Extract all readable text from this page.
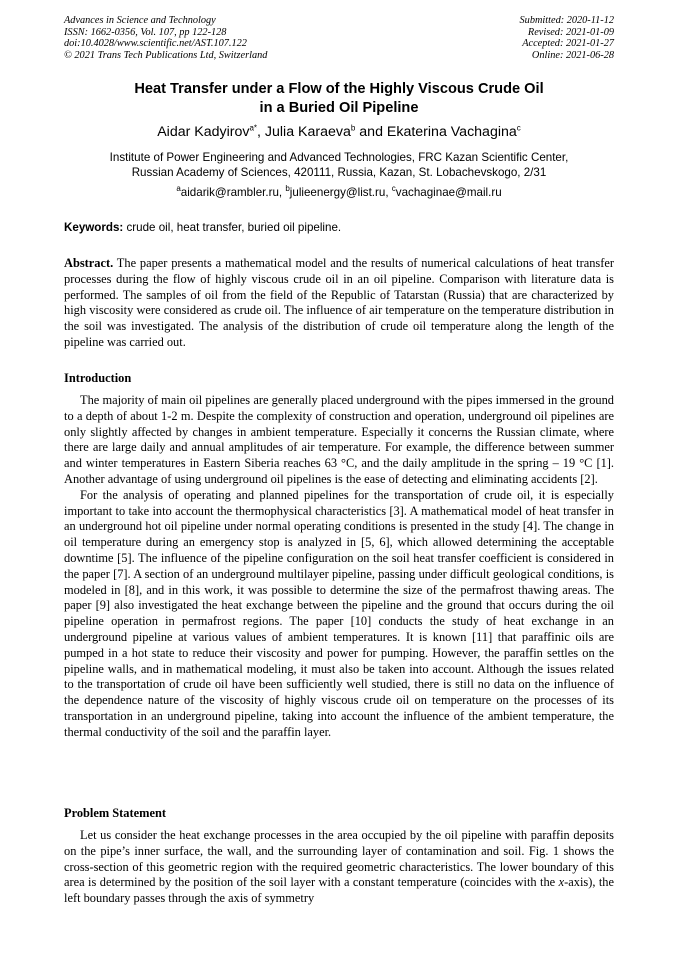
Advances in Science and Technology
ISSN: 1662-0356, Vol. 107, pp 122-128
doi:10.4028/www.scientific.net/AST.107.122
© 2021 Trans Tech Publications Ltd, Switzerland
Submitted: 2020-11-12
Revised: 2021-01-09
Accepted: 2021-01-27
Online: 2021-06-28
Heat Transfer under a Flow of the Highly Viscous Crude Oil
in a Buried Oil Pipeline
Aidar Kadyirov$^{a*}$, Julia Karaeva$^b$ and Ekaterina Vachagina$^c$
Institute of Power Engineering and Advanced Technologies, FRC Kazan Scientific Center,
Russian Academy of Sciences, 420111, Russia, Kazan, St. Lobachevskogo, 2/31
$^a$aidarik@rambler.ru, $^b$julieenergy@list.ru, $^c$vachaginae@mail.ru
Keywords: crude oil, heat transfer, buried oil pipeline.
Abstract. The paper presents a mathematical model and the results of numerical calculations of heat transfer processes during the flow of highly viscous crude oil in an oil pipeline. Comparison with literature data is performed. The samples of oil from the field of the Republic of Tatarstan (Russia) that are characterized by high viscosity were considered as crude oil. The influence of air temperature on the temperature distribution in the soil was investigated. The analysis of the distribution of crude oil temperature along the length of the pipeline was carried out.
Introduction

The majority of main oil pipelines are generally placed underground with the pipes immersed in the ground to a depth of about 1-2 m. Despite the complexity of construction and operation, underground oil pipelines are only slightly affected by changes in ambient temperature. Especially it concerns the Russian climate, where there are large daily and annual amplitudes of air temperature. For example, the difference between summer and winter temperatures in Eastern Siberia reaches 63 °C, and the daily amplitude in the spring – 19 °C [1]. Another advantage of using underground oil pipelines is the ease of detecting and eliminating accidents [2].

For the analysis of operating and planned pipelines for the transportation of crude oil, it is especially important to take into account the thermophysical characteristics [3]. A mathematical model of heat transfer in an underground hot oil pipeline under normal operating conditions is presented in the study [4]. The change in oil temperature during an emergency stop is analyzed in [5, 6], which allowed determining the acceptable downtime [5]. The influence of the pipeline configuration on the soil heat transfer coefficient is considered in the paper [7]. A section of an underground multilayer pipeline, passing under difficult geological conditions, is modeled in [8], and in this work, it was possible to determine the size of the permafrost thawing areas. The paper [9] also investigated the heat exchange between the pipeline and the ground that occurs during the oil pipeline operation in permafrost regions. The paper [10] conducts the study of heat exchange in an underground pipeline at various values of ambient temperatures. It is known [11] that paraffinic oils are pumped in a hot state to reduce their viscosity and power for pumping. However, the paraffin settles on the pipeline walls, and in mathematical modeling, it must also be taken into account. Although the issues related to the transportation of crude oil have been sufficiently well studied, there is still no data on the influence of the dependence nature of the viscosity of highly viscous crude oil on temperature on the processes of its transportation in an underground pipeline, taking into account the influence of the ambient temperature, the thermal conductivity of the soil and the paraffin layer.

Problem Statement

Let us consider the heat exchange processes in the area occupied by the oil pipeline with paraffin deposits on the pipe’s inner surface, the wall, and the surrounding layer of contamination and soil. Fig. 1 shows the cross-section of this geometric region with the required geometric characteristics. The lower boundary of this area is determined by the position of the soil layer with a constant temperature (coincides with the x-axis), the left boundary passes through the axis of symmetry
